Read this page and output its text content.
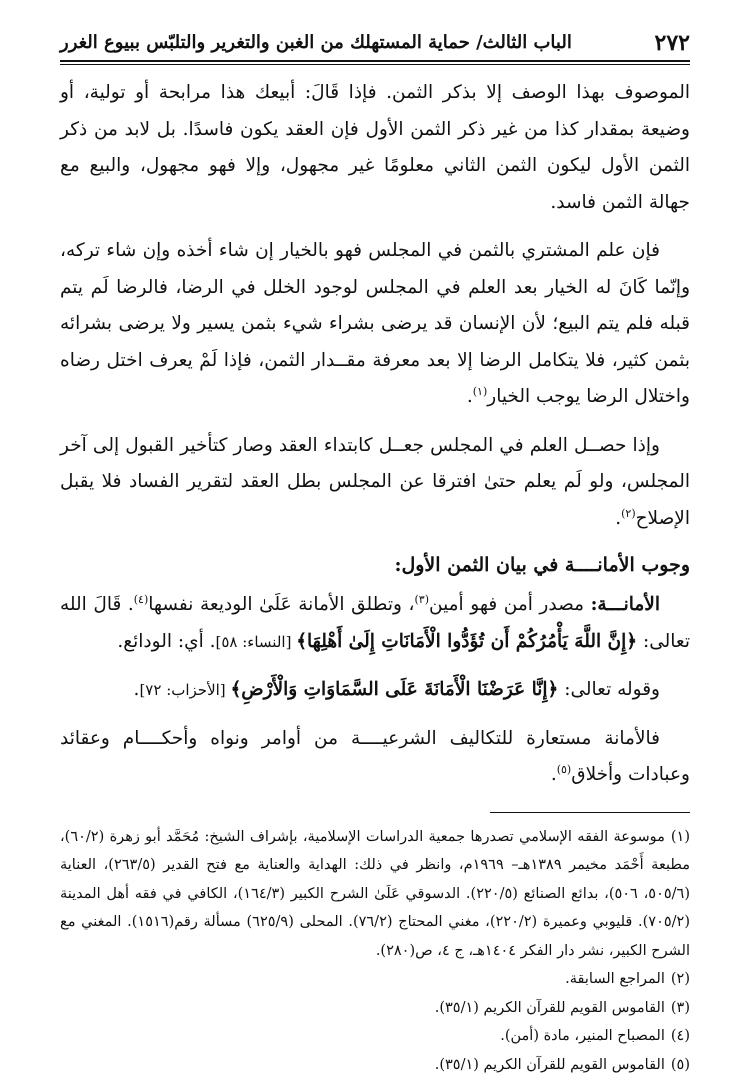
٢٧٢
الباب الثالث/ حماية المستهلك من الغبن والتغرير والتلبّس ببيوع الغرر

الموصوف بهذا الوصف إلا بذكر الثمن. فإذا قَالَ: أبيعك هذا مرابحة أو تولية، أو وضيعة بمقدار كذا من غير ذكر الثمن الأول فإن العقد يكون فاسدًا. بل لابد من ذكر الثمن الأول ليكون الثمن الثاني معلومًا غير مجهول، وإلا فهو مجهول، والبيع مع جهالة الثمن فاسد.

فإن علم المشتري بالثمن في المجلس فهو بالخيار إن شاء أخذه وإن شاء تركه، وإنّما كَانَ له الخيار بعد العلم في المجلس لوجود الخلل في الرضا، فالرضا لَم يتم قبله فلم يتم البيع؛ لأن الإنسان قد يرضى بشراء شيء بثمن يسير ولا يرضى بشرائه بثمن كثير، فلا يتكامل الرضا إلا بعد معرفة مقــدار الثمن، فإذا لَمْ يعرف اختل رضاه واختلال الرضا يوجب الخيار$^{(١)}$.

وإذا حصــل العلم في المجلس جعــل كابتداء العقد وصار كتأخير القبول إلى آخر المجلس، ولو لَم يعلم حتىٰ افترقا عن المجلس بطل العقد لتقرير الفساد فلا يقبل الإصلاح$^{(٢)}$.

وجوب الأمانــــة في بيان الثمن الأول:

الأمانـــة: مصدر أمن فهو أمين$^{(٣)}$، وتطلق الأمانة عَلَىٰ الوديعة نفسها$^{(٤)}$. قَالَ الله تعالى: ﴿إِنَّ اللَّهَ يَأْمُرُكُمْ أَن تُؤَدُّوا الْأَمَانَاتِ إِلَىٰ أَهْلِهَا﴾ [النساء: ٥٨]. أي: الودائع.

وقوله تعالى: ﴿إِنَّا عَرَضْنَا الْأَمَانَةَ عَلَى السَّمَاوَاتِ وَالْأَرْضِ﴾ [الأحزاب: ٧٢].

فالأمانة مستعارة للتكاليف الشرعيــــة من أوامر ونواه وأحكــــام وعقائد وعبادات وأخلاق$^{(٥)}$.

(١)موسوعة الفقه الإسلامي تصدرها جمعية الدراسات الإسلامية، بإشراف الشيخ: مُحَمَّد أبو زهرة (٦٠/٢)، مطبعة أَحْمَد مخيمر ١٣٨٩هـ– ١٩٦٩م، وانظر في ذلك: الهداية والعناية مع فتح القدير (٢٦٣/٥)، العناية (٥٠٥/٦، ٥٠٦)، بدائع الصنائع (٢٢٠/٥). الدسوقي عَلَىٰ الشرح الكبير (١٦٤/٣)، الكافي في فقه أهل المدينة (٧٠٥/٢). قليوبي وعميرة (٢٢٠/٢)، مغني المحتاج (٧٦/٢). المحلى (٦٢٥/٩) مسألة رقم(١٥١٦). المغني مع الشرح الكبير، نشر دار الفكر ١٤٠٤هـ، ج ٤، ص(٢٨٠).

(٢)المراجع السابقة.

(٣)القاموس القويم للقرآن الكريم (٣٥/١).

(٤)المصباح المنير، مادة (أمن).

(٥)القاموس القويم للقرآن الكريم (٣٥/١).
